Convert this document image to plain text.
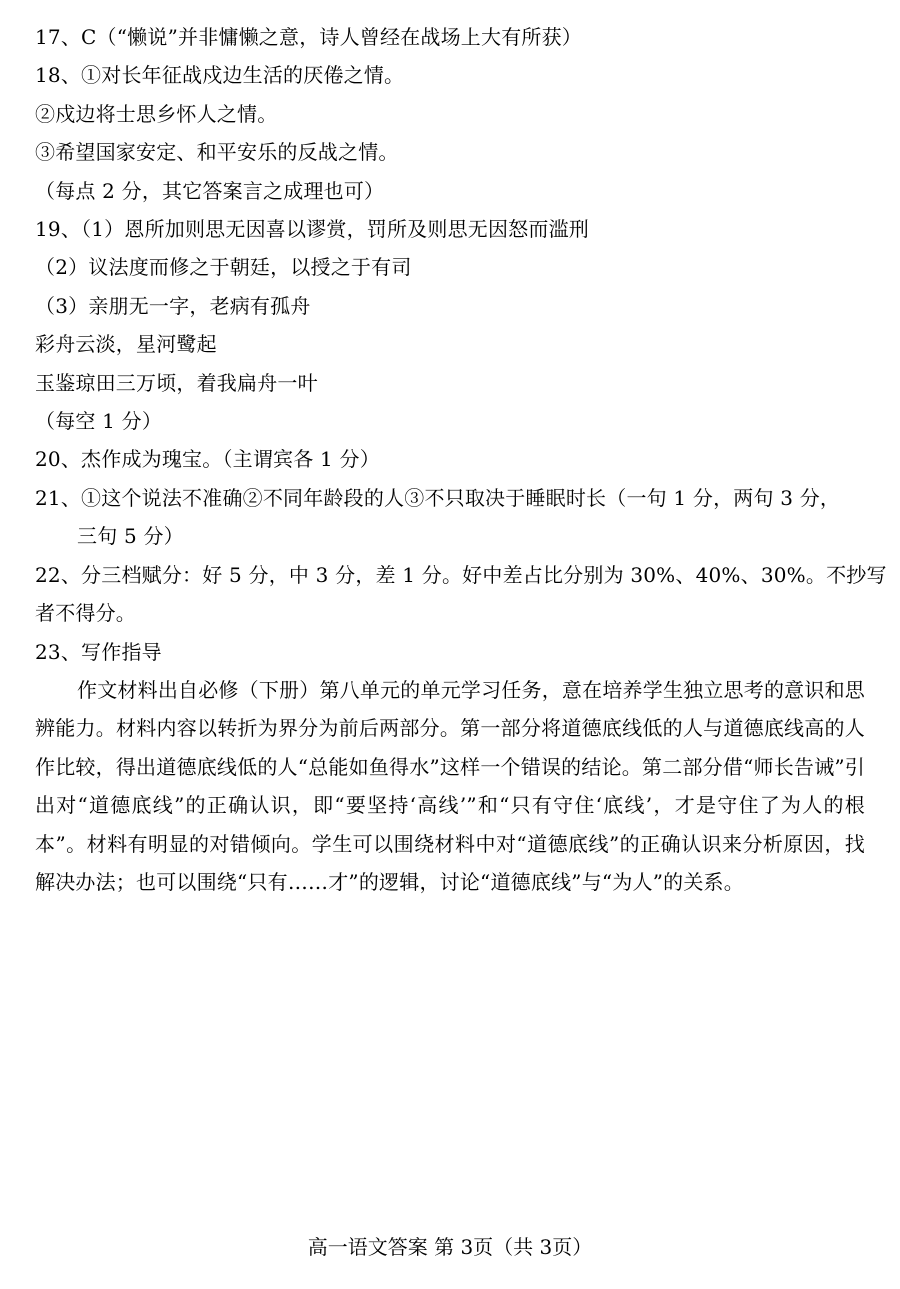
17、C（“懒说”并非慵懒之意，诗人曾经在战场上大有所获）
18、①对长年征战戍边生活的厌倦之情。
②戍边将士思乡怀人之情。
③希望国家安定、和平安乐的反战之情。
（每点 2 分，其它答案言之成理也可）
19、（1）恩所加则思无因喜以谬赏，罚所及则思无因怒而滥刑
（2）议法度而修之于朝廷，以授之于有司
（3）亲朋无一字，老病有孤舟
彩舟云淡，星河鹭起
玉鉴琼田三万顷，着我扁舟一叶
（每空 1 分）
20、杰作成为瑰宝。（主谓宾各 1 分）
21、①这个说法不准确②不同年龄段的人③不只取决于睡眠时长（一句 1 分，两句 3 分，
三句 5 分）
22、分三档赋分：好 5 分，中 3 分，差 1 分。好中差占比分别为 30%、40%、30%。不抄写
者不得分。
23、写作指导
作文材料出自必修（下册）第八单元的单元学习任务，意在培养学生独立思考的意识和思辨能力。材料内容以转折为界分为前后两部分。第一部分将道德底线低的人与道德底线高的人作比较，得出道德底线低的人“总能如鱼得水”这样一个错误的结论。第二部分借“师长告诫”引出对“道德底线”的正确认识，即“要坚持‘高线’”和“只有守住‘底线’，才是守住了为人的根本”。材料有明显的对错倾向。学生可以围绕材料中对“道德底线”的正确认识来分析原因，找解决办法；也可以围绕“只有……才”的逻辑，讨论“道德底线”与“为人”的关系。
高一语文答案 第 3页（共 3页）
